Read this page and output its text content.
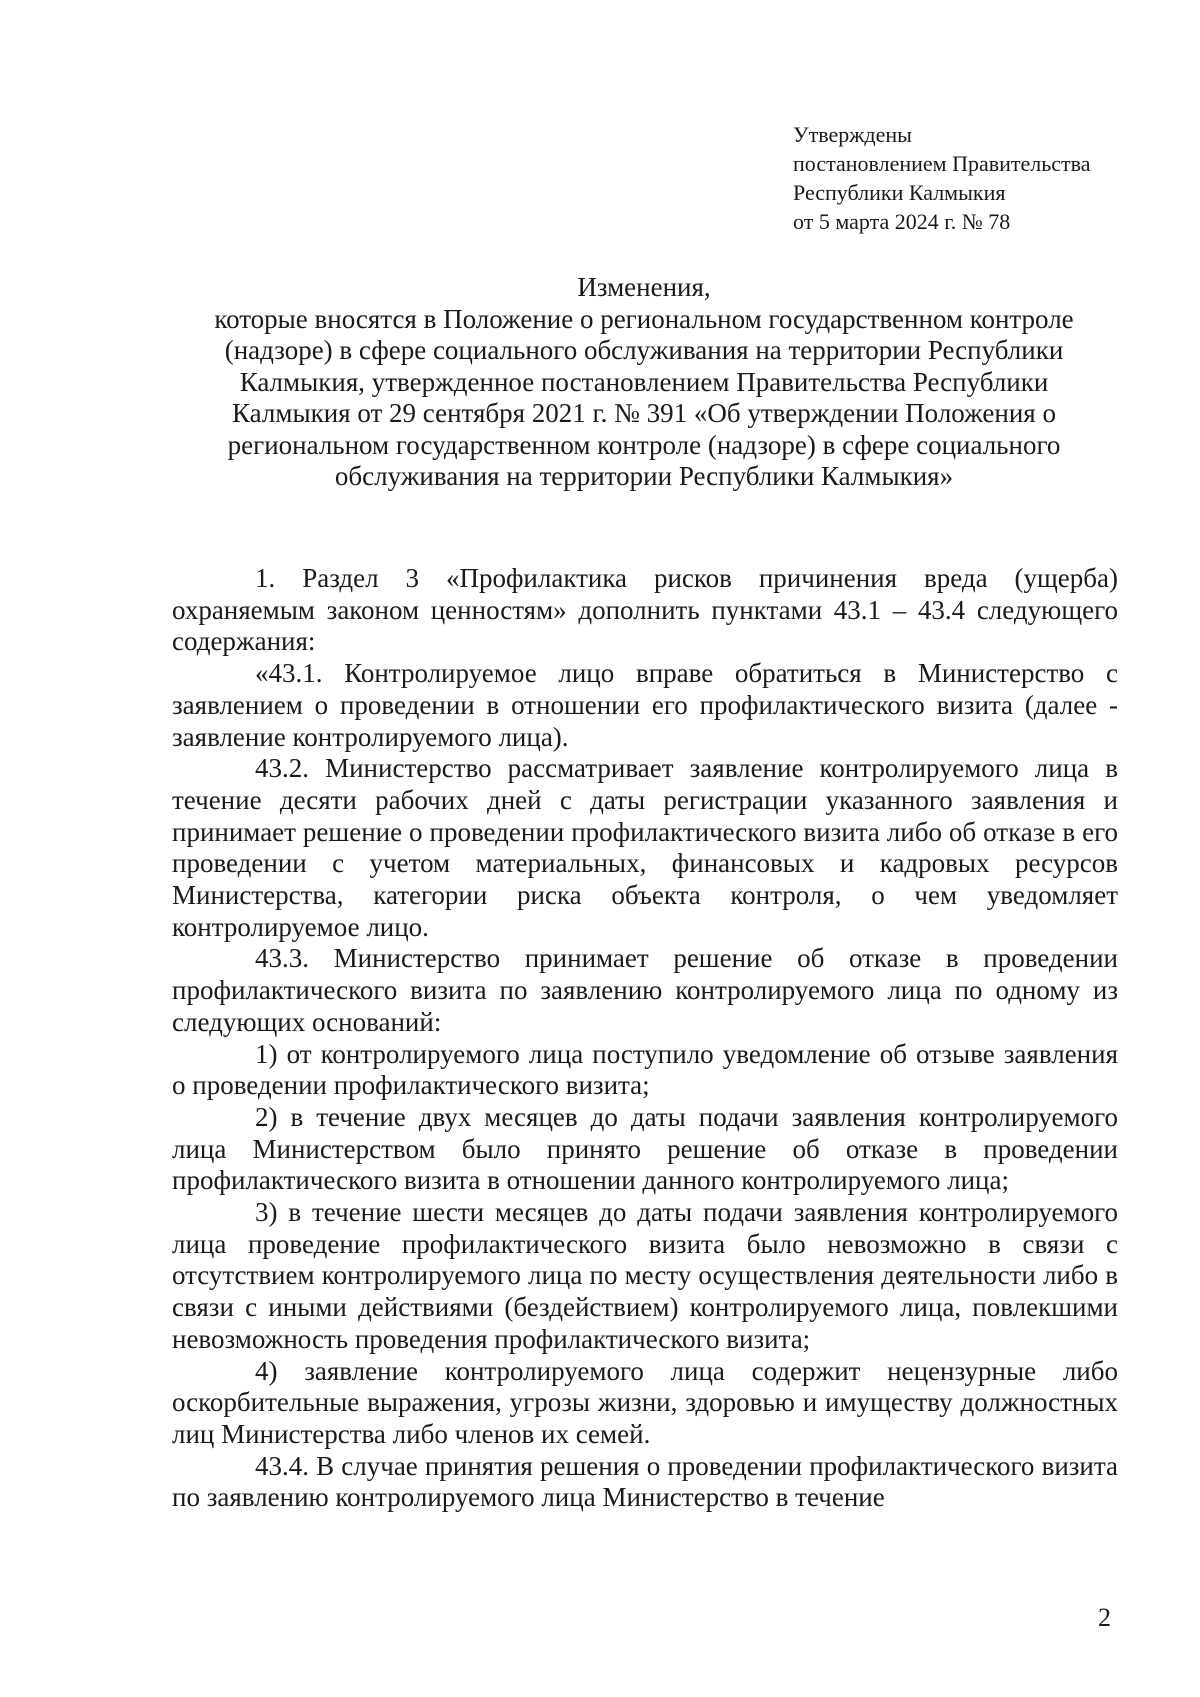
Утверждены
постановлением Правительства
Республики Калмыкия
от 5 марта 2024 г. № 78
Изменения,
которые вносятся в Положение о региональном государственном контроле
(надзоре) в сфере социального обслуживания на территории Республики
Калмыкия, утвержденное постановлением Правительства Республики
Калмыкия от 29 сентября 2021 г. № 391 «Об утверждении Положения о
региональном государственном контроле (надзоре) в сфере социального
обслуживания на территории Республики Калмыкия»

1. Раздел 3 «Профилактика рисков причинения вреда (ущерба) охраняемым законом ценностям» дополнить пунктами 43.1 – 43.4 следующего содержания:

«43.1. Контролируемое лицо вправе обратиться в Министерство с заявлением о проведении в отношении его профилактического визита (далее - заявление контролируемого лица).

43.2. Министерство рассматривает заявление контролируемого лица в течение десяти рабочих дней с даты регистрации указанного заявления и принимает решение о проведении профилактического визита либо об отказе в его проведении с учетом материальных, финансовых и кадровых ресурсов Министерства, категории риска объекта контроля, о чем уведомляет контролируемое лицо.

43.3. Министерство принимает решение об отказе в проведении профилактического визита по заявлению контролируемого лица по одному из следующих оснований:

1) от контролируемого лица поступило уведомление об отзыве заявления о проведении профилактического визита;

2) в течение двух месяцев до даты подачи заявления контролируемого лица Министерством было принято решение об отказе в проведении профилактического визита в отношении данного контролируемого лица;

3) в течение шести месяцев до даты подачи заявления контролируемого лица проведение профилактического визита было невозможно в связи с отсутствием контролируемого лица по месту осуществления деятельности либо в связи с иными действиями (бездействием) контролируемого лица, повлекшими невозможность проведения профилактического визита;

4) заявление контролируемого лица содержит нецензурные либо оскорбительные выражения, угрозы жизни, здоровью и имуществу должностных лиц Министерства либо членов их семей.

43.4. В случае принятия решения о проведении профилактического визита по заявлению контролируемого лица Министерство в течение

2
